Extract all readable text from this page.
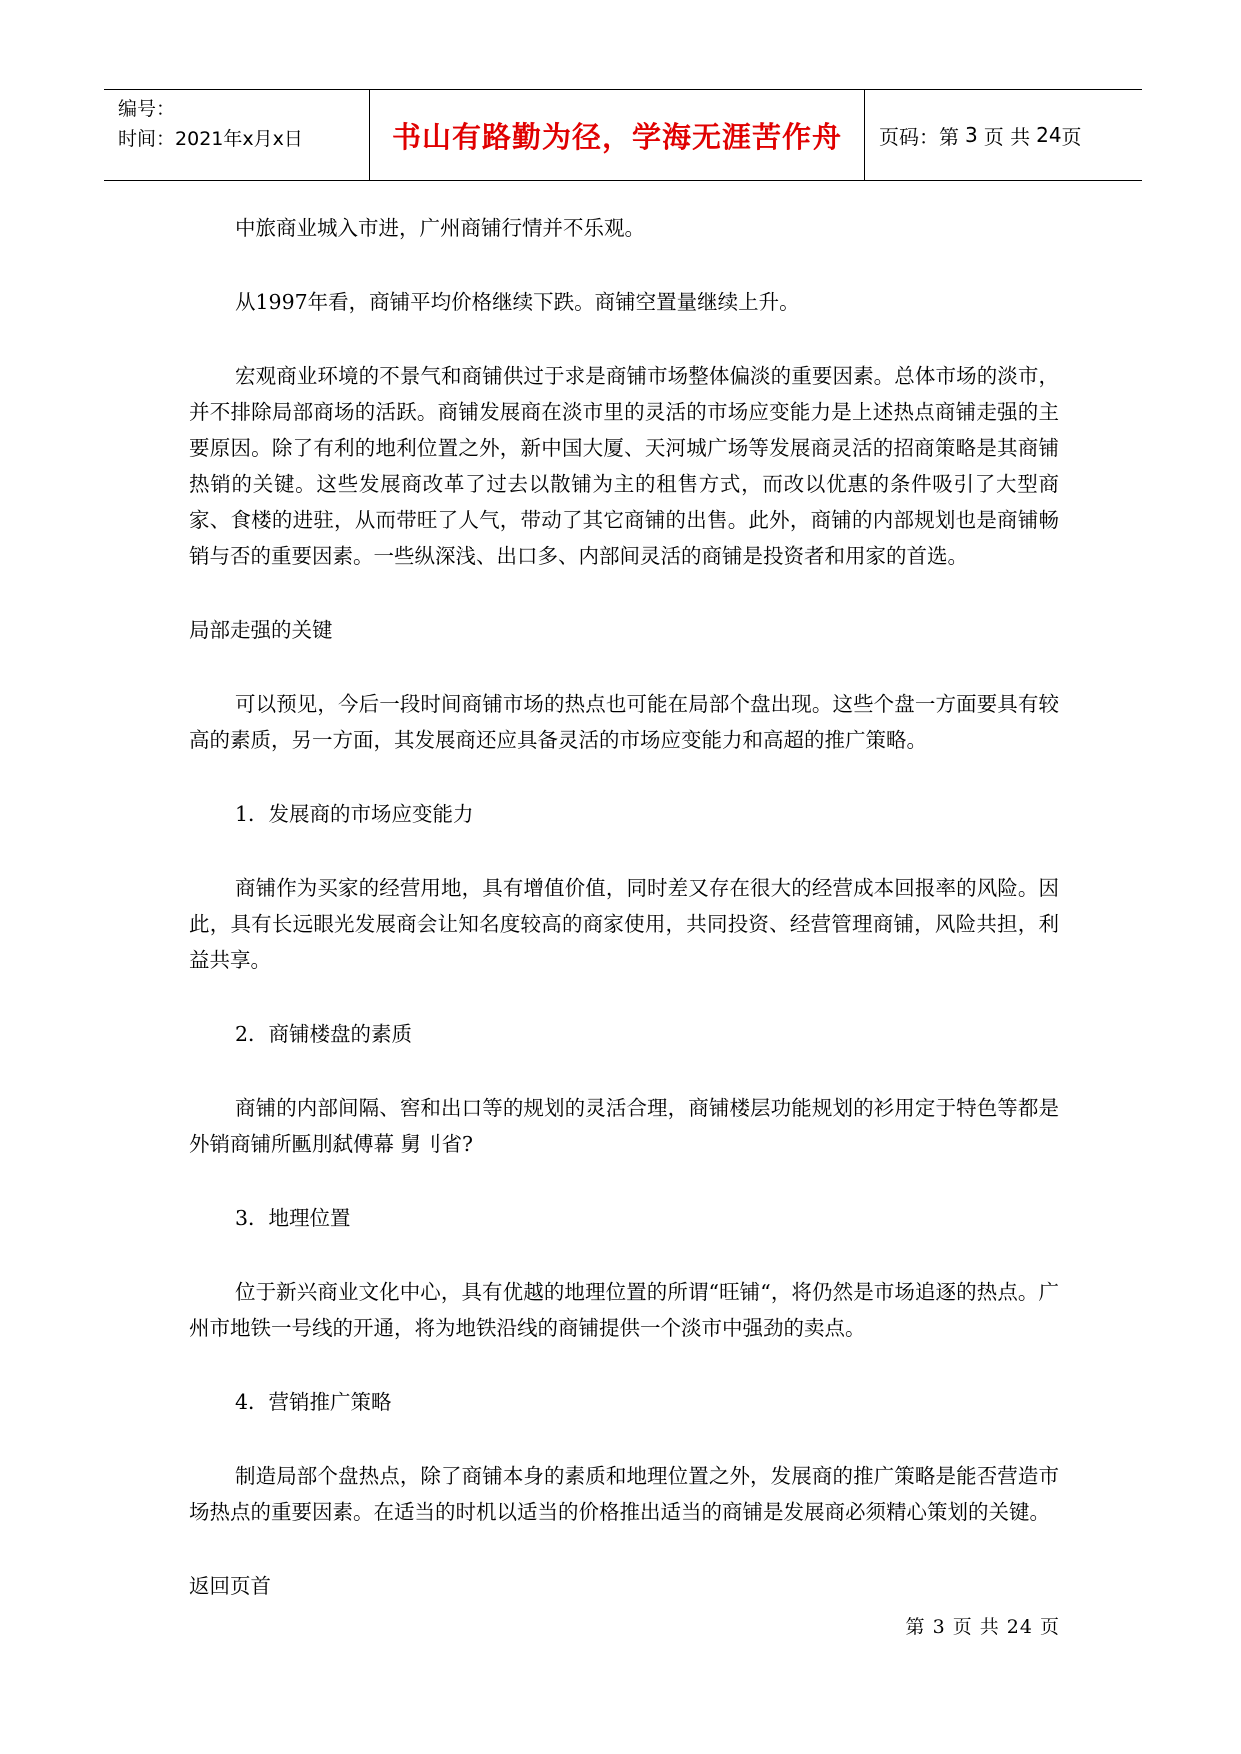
编号：
时间：2021年x月x日	书山有路勤为径，学海无涯苦作舟	页码：第 3 页 共 24 页

中旅商业城入市进，广州商铺行情并不乐观。

从1997年看，商铺平均价格继续下跌。商铺空置量继续上升。

宏观商业环境的不景气和商铺供过于求是商铺市场整体偏淡的重要因素。总体市场的淡市，并不排除局部商场的活跃。商铺发展商在淡市里的灵活的市场应变能力是上述热点商铺走强的主要原因。除了有利的地利位置之外，新中国大厦、天河城广场等发展商灵活的招商策略是其商铺热销的关键。这些发展商改革了过去以散铺为主的租售方式，而改以优惠的条件吸引了大型商家、食楼的进驻，从而带旺了人气，带动了其它商铺的出售。此外，商铺的内部规划也是商铺畅销与否的重要因素。一些纵深浅、出口多、内部间灵活的商铺是投资者和用家的首选。

局部走强的关键

可以预见，今后一段时间商铺市场的热点也可能在局部个盘出现。这些个盘一方面要具有较高的素质，另一方面，其发展商还应具备灵活的市场应变能力和高超的推广策略。

1．发展商的市场应变能力

商铺作为买家的经营用地，具有增值价值，同时差又存在很大的经营成本回报率的风险。因此，具有长远眼光发展商会让知名度较高的商家使用，共同投资、经营管理商铺，风险共担，利益共享。

2．商铺楼盘的素质

商铺的内部间隔、窖和出口等的规划的灵活合理，商铺楼层功能规划的衫用定于特色等都是外销商铺所匭刖弑傅幕 舅刂省?

3．地理位置

位于新兴商业文化中心，具有优越的地理位置的所谓“旺铺“，将仍然是市场追逐的热点。广州市地铁一号线的开通，将为地铁沿线的商铺提供一个淡市中强劲的卖点。

4．营销推广策略

制造局部个盘热点，除了商铺本身的素质和地理位置之外，发展商的推广策略是能否营造市场热点的重要因素。在适当的时机以适当的价格推出适当的商铺是发展商必须精心策划的关键。

返回页首

第 3 页 共 24 页
